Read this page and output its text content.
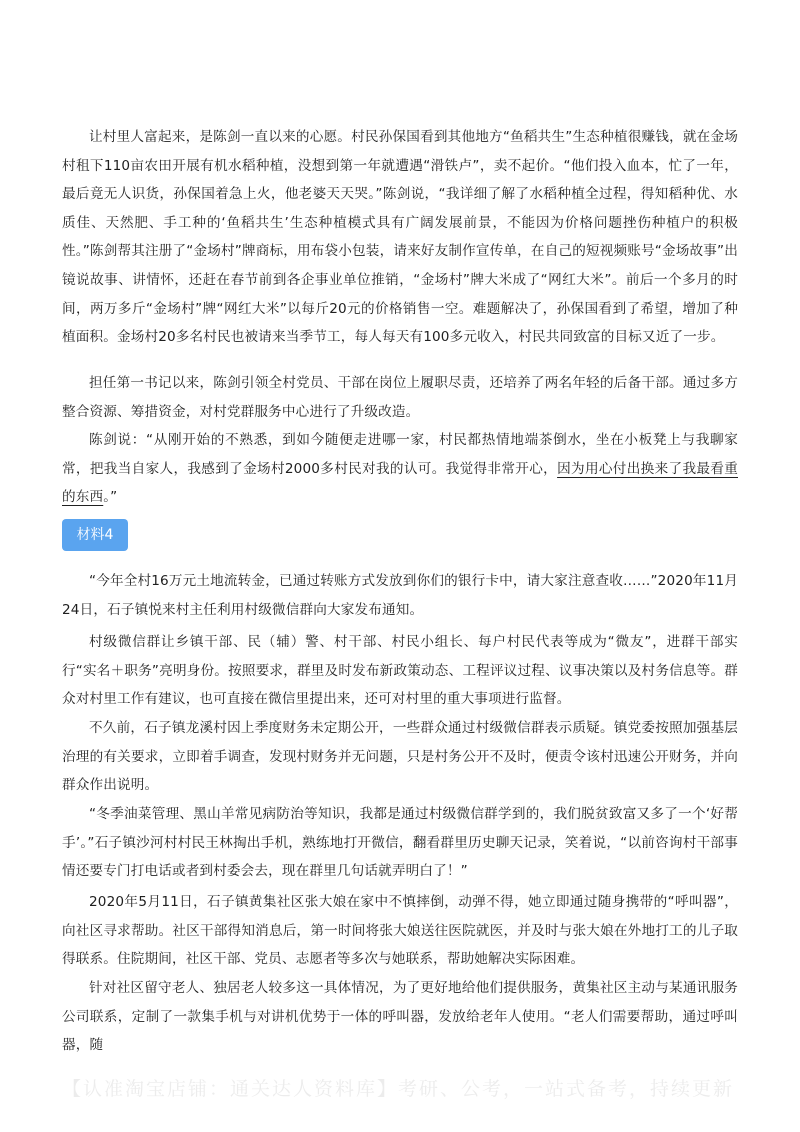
让村里人富起来，是陈剑一直以来的心愿。村民孙保国看到其他地方“鱼稻共生”生态种植很赚钱，就在金场村租下110亩农田开展有机水稻种植，没想到第一年就遭遇“滑铁卢”，卖不起价。“他们投入血本，忙了一年，最后竟无人识货，孙保国着急上火，他老婆天天哭。”陈剑说，“我详细了解了水稻种植全过程，得知稻种优、水质佳、天然肥、手工种的‘鱼稻共生’生态种植模式具有广阔发展前景，不能因为价格问题挫伤种植户的积极性。”陈剑帮其注册了“金场村”牌商标，用布袋小包装，请来好友制作宣传单，在自己的短视频账号“金场故事”出镜说故事、讲情怀，还赶在春节前到各企事业单位推销，“金场村”牌大米成了“网红大米”。前后一个多月的时间，两万多斤“金场村”牌“网红大米”以每斤20元的价格销售一空。难题解决了，孙保国看到了希望，增加了种植面积。金场村20多名村民也被请来当季节工，每人每天有100多元收入，村民共同致富的目标又近了一步。

担任第一书记以来，陈剑引领全村党员、干部在岗位上履职尽责，还培养了两名年轻的后备干部。通过多方整合资源、筹措资金，对村党群服务中心进行了升级改造。

陈剑说：“从刚开始的不熟悉，到如今随便走进哪一家，村民都热情地端茶倒水，坐在小板凳上与我聊家常，把我当自家人，我感到了金场村2000多村民对我的认可。我觉得非常开心，因为用心付出换来了我最看重的东西。”

材料4

“今年全村16万元土地流转金，已通过转账方式发放到你们的银行卡中，请大家注意查收……”2020年11月24日，石子镇悦来村主任利用村级微信群向大家发布通知。

村级微信群让乡镇干部、民（辅）警、村干部、村民小组长、每户村民代表等成为“微友”，进群干部实行“实名＋职务”亮明身份。按照要求，群里及时发布新政策动态、工程评议过程、议事决策以及村务信息等。群众对村里工作有建议，也可直接在微信里提出来，还可对村里的重大事项进行监督。

不久前，石子镇龙溪村因上季度财务未定期公开，一些群众通过村级微信群表示质疑。镇党委按照加强基层治理的有关要求，立即着手调查，发现村财务并无问题，只是村务公开不及时，便责令该村迅速公开财务，并向群众作出说明。

“冬季油菜管理、黑山羊常见病防治等知识，我都是通过村级微信群学到的，我们脱贫致富又多了一个‘好帮手’。”石子镇沙河村村民王林掏出手机，熟练地打开微信，翻看群里历史聊天记录，笑着说，“以前咨询村干部事情还要专门打电话或者到村委会去，现在群里几句话就弄明白了！”

2020年5月11日，石子镇黄集社区张大娘在家中不慎摔倒，动弹不得，她立即通过随身携带的“呼叫器”，向社区寻求帮助。社区干部得知消息后，第一时间将张大娘送往医院就医，并及时与张大娘在外地打工的儿子取得联系。住院期间，社区干部、党员、志愿者等多次与她联系，帮助她解决实际困难。

针对社区留守老人、独居老人较多这一具体情况，为了更好地给他们提供服务，黄集社区主动与某通讯服务公司联系，定制了一款集手机与对讲机优势于一体的呼叫器，发放给老年人使用。“老人们需要帮助，通过呼叫器，随

【认准淘宝店铺：通关达人资料库】考研、公考，一站式备考，持续更新
